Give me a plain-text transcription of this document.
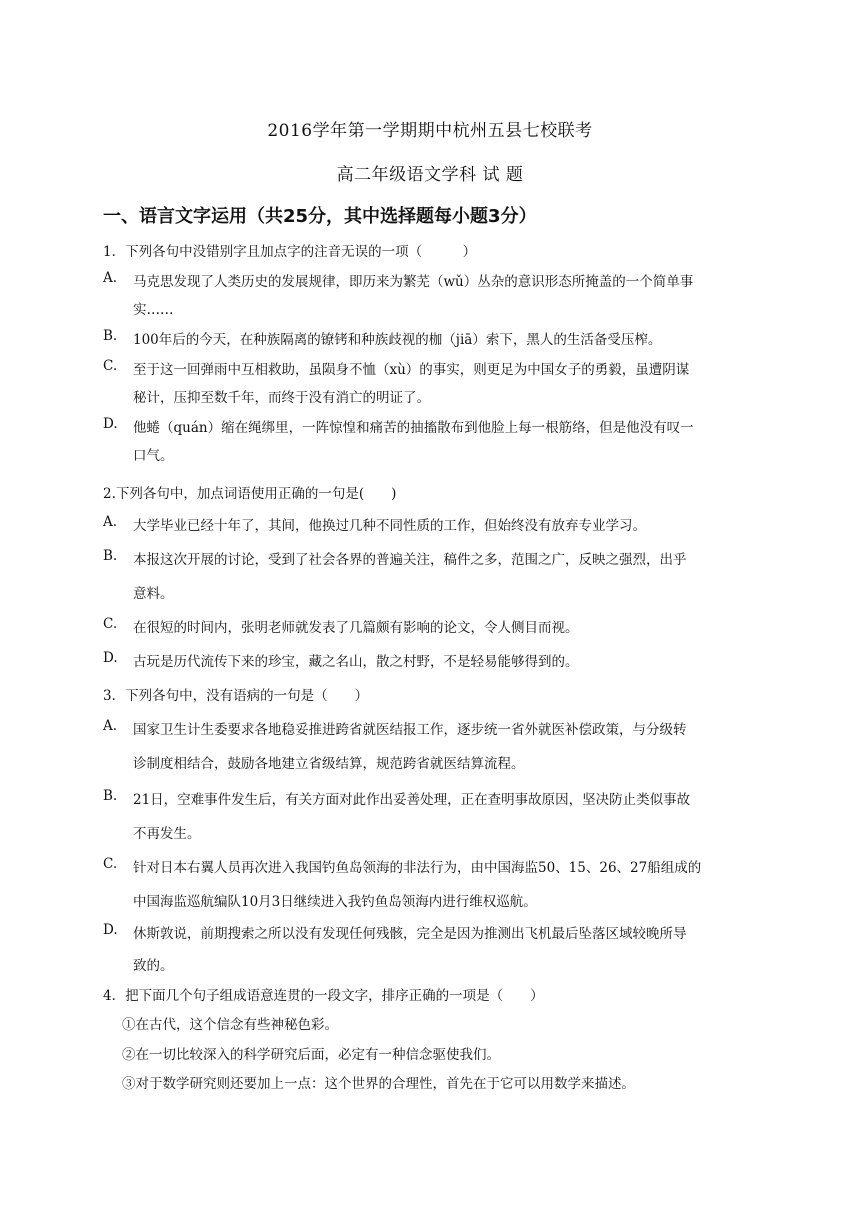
2016学年第一学期期中杭州五县七校联考
高二年级语文学科 试 题
一、语言文字运用（共25分，其中选择题每小题3分）
1．下列各句中没错别字且加点字的注音无误的一项（　　　）
A.	马克思发现了人类历史的发展规律，即历来为繁芜（wǔ）丛杂的意识形态所掩盖的一个简单事
实……
B.	100年后的今天，在种族隔离的镣铐和种族歧视的枷（jiā）索下，黑人的生活备受压榨。
C.	至于这一回弹雨中互相救助，虽陨身不恤（xù）的事实，则更足为中国女子的勇毅，虽遭阴谋
秘计，压抑至数千年，而终于没有消亡的明证了。
D.	他蜷（quán）缩在绳绑里，一阵惊惶和痛苦的抽搐散布到他脸上每一根筋络，但是他没有叹一
口气。
2.下列各句中，加点词语使用正确的一句是(　　)
A.	大学毕业已经十年了，其间，他换过几种不同性质的工作，但始终没有放弃专业学习。
B.	本报这次开展的讨论，受到了社会各界的普遍关注，稿件之多，范围之广，反映之强烈，出乎
意料。
C.	在很短的时间内，张明老师就发表了几篇颇有影响的论文，令人侧目而视。
D.	古玩是历代流传下来的珍宝，藏之名山，散之村野，不是轻易能够得到的。
3．下列各句中，没有语病的一句是（　　）
A.	国家卫生计生委要求各地稳妥推进跨省就医结报工作，逐步统一省外就医补偿政策，与分级转
诊制度相结合，鼓励各地建立省级结算，规范跨省就医结算流程。
B.	21日，空难事件发生后，有关方面对此作出妥善处理，正在查明事故原因，坚决防止类似事故
不再发生。
C.	针对日本右翼人员再次进入我国钓鱼岛领海的非法行为，由中国海监50、15、26、27船组成的
中国海监巡航编队10月3日继续进入我钓鱼岛领海内进行维权巡航。
D.	休斯敦说，前期搜索之所以没有发现任何残骸，完全是因为推测出飞机最后坠落区域较晚所导
致的。
4．把下面几个句子组成语意连贯的一段文字，排序正确的一项是（　　）
①在古代，这个信念有些神秘色彩。
②在一切比较深入的科学研究后面，必定有一种信念驱使我们。
③对于数学研究则还要加上一点：这个世界的合理性，首先在于它可以用数学来描述。
